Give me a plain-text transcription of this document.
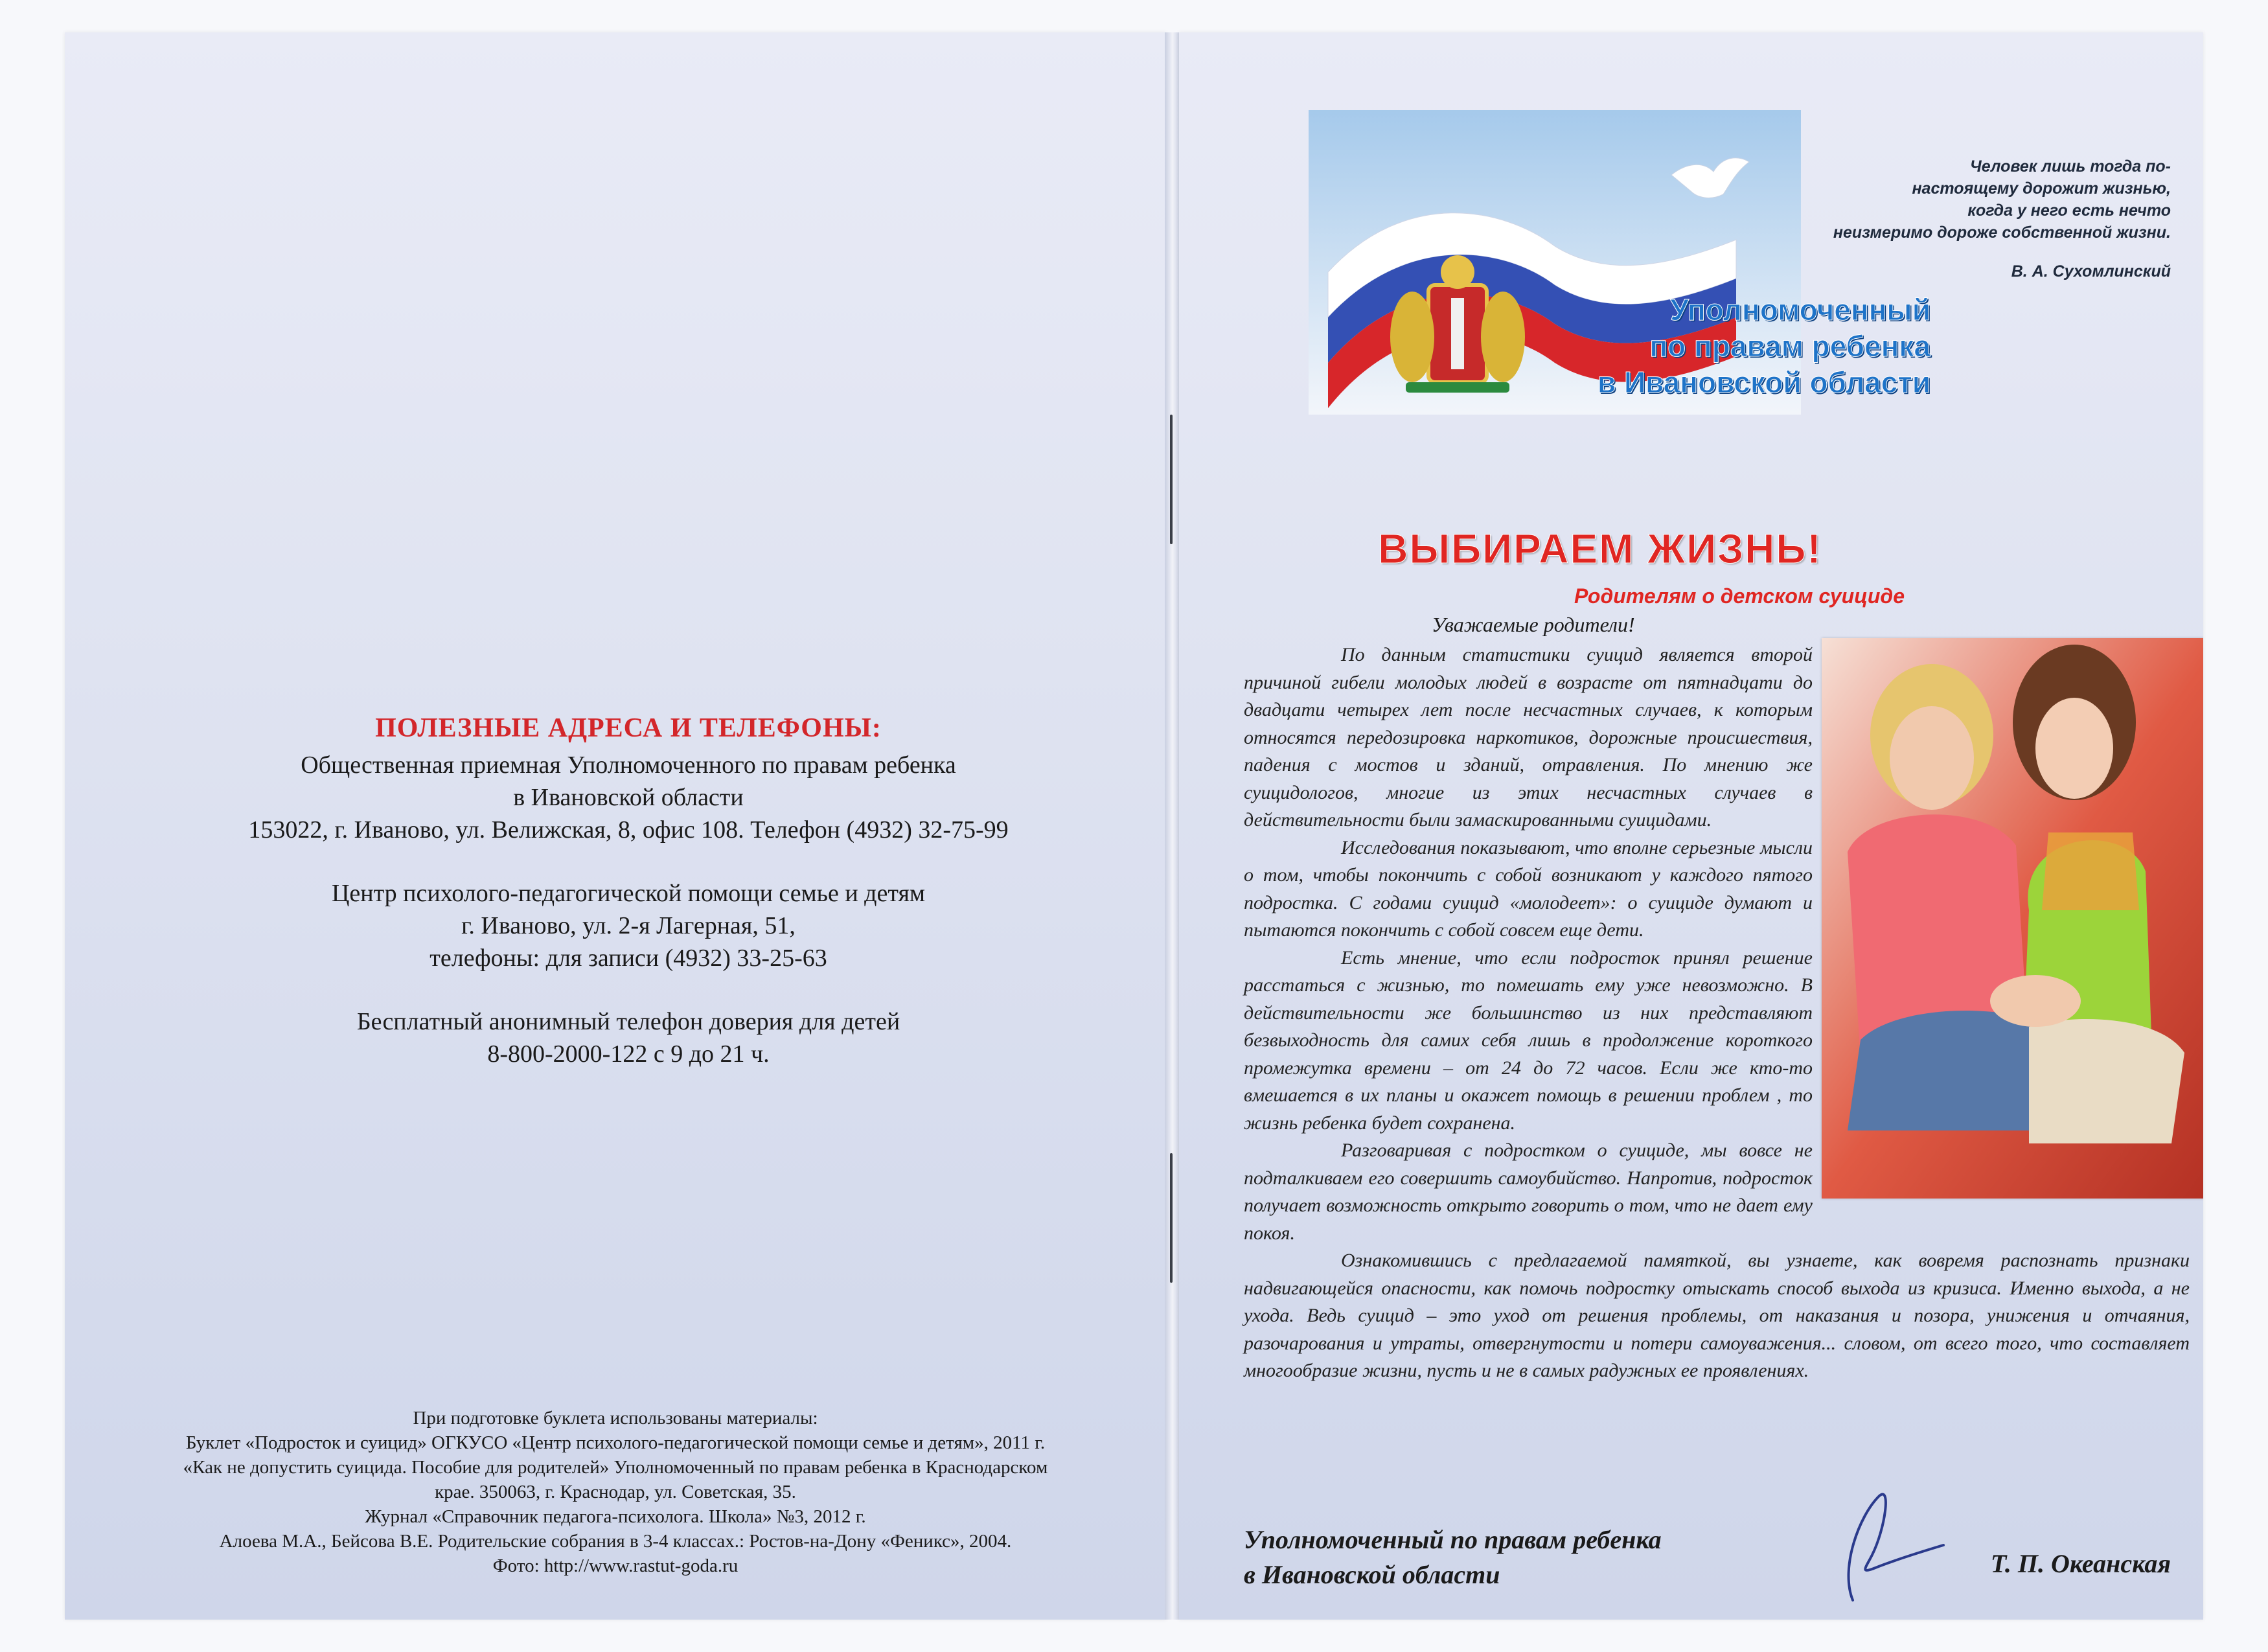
ПОЛЕЗНЫЕ АДРЕСА И ТЕЛЕФОНЫ:
Общественная приемная Уполномоченного по правам ребенка
в Ивановской области
153022, г. Иваново, ул. Велижская, 8, офис 108. Телефон (4932) 32-75-99
Центр психолого-педагогической помощи семье и детям
г. Иваново, ул. 2-я Лагерная, 51,
телефоны: для записи (4932) 33-25-63
Бесплатный анонимный телефон доверия для детей
8-800-2000-122 с 9 до 21 ч.
При подготовке буклета использованы материалы:
Буклет «Подросток и суицид» ОГКУСО «Центр психолого-педагогической помощи семье и детям», 2011 г.
«Как не допустить суицида. Пособие для родителей» Уполномоченный по правам ребенка в Краснодарском
крае. 350063, г. Краснодар, ул. Советская, 35.
Журнал «Справочник педагога-психолога. Школа» №3, 2012 г.
Алоева М.А., Бейсова В.Е. Родительские собрания в 3-4 классах.: Ростов-на-Дону «Феникс», 2004.
Фото: http://www.rastut-goda.ru
Уполномоченный
по правам ребенка
в Ивановской области
Человек лишь тогда по-
настоящему дорожит жизнью,
когда у него есть нечто
неизмеримо дороже собственной жизни.
В. А. Сухомлинский
ВЫБИРАЕМ ЖИЗНЬ!
Родителям о детском суициде
Уважаемые родители!

По данным статистики суицид является второй причиной гибели молодых людей в возрасте от пятнадцати до двадцати четырех лет после несчастных случаев, к которым относятся передозировка наркотиков, дорожные происшествия, падения с мостов и зданий, отравления. По мнению же суицидологов, многие из этих несчастных случаев в действительности были замаскированными суицидами.

Исследования показывают, что вполне серьезные мысли о том, чтобы покончить с собой возникают у каждого пятого подростка. С годами суицид «молодеет»: о суициде думают и пытаются покончить с собой совсем еще дети.

Есть мнение, что если подросток принял решение расстаться с жизнью, то помешать ему уже невозможно. В действительности же большинство из них представляют безвыходность для самих себя лишь в продолжение короткого промежутка времени – от 24 до 72 часов. Если же кто-то вмешается в их планы и окажет помощь в решении проблем , то жизнь ребенка будет сохранена.

Разговаривая с подростком о суициде, мы вовсе не подталкиваем его совершить самоубийство. Напротив, подросток получает возможность открыто говорить о том, что не дает ему покоя.

Ознакомившись с предлагаемой памяткой, вы узнаете, как вовремя распознать признаки надвигающейся опасности, как помочь подростку отыскать способ выхода из кризиса. Именно выхода, а не ухода. Ведь суицид – это уход от решения проблемы, от наказания и позора, унижения и отчаяния, разочарования и утраты, отвергнутости и потери самоуважения... словом, от всего того, что составляет многообразие жизни, пусть и не в самых радужных ее проявлениях.

Уполномоченный по правам ребенка
в Ивановской области	Т. П. Океанская
